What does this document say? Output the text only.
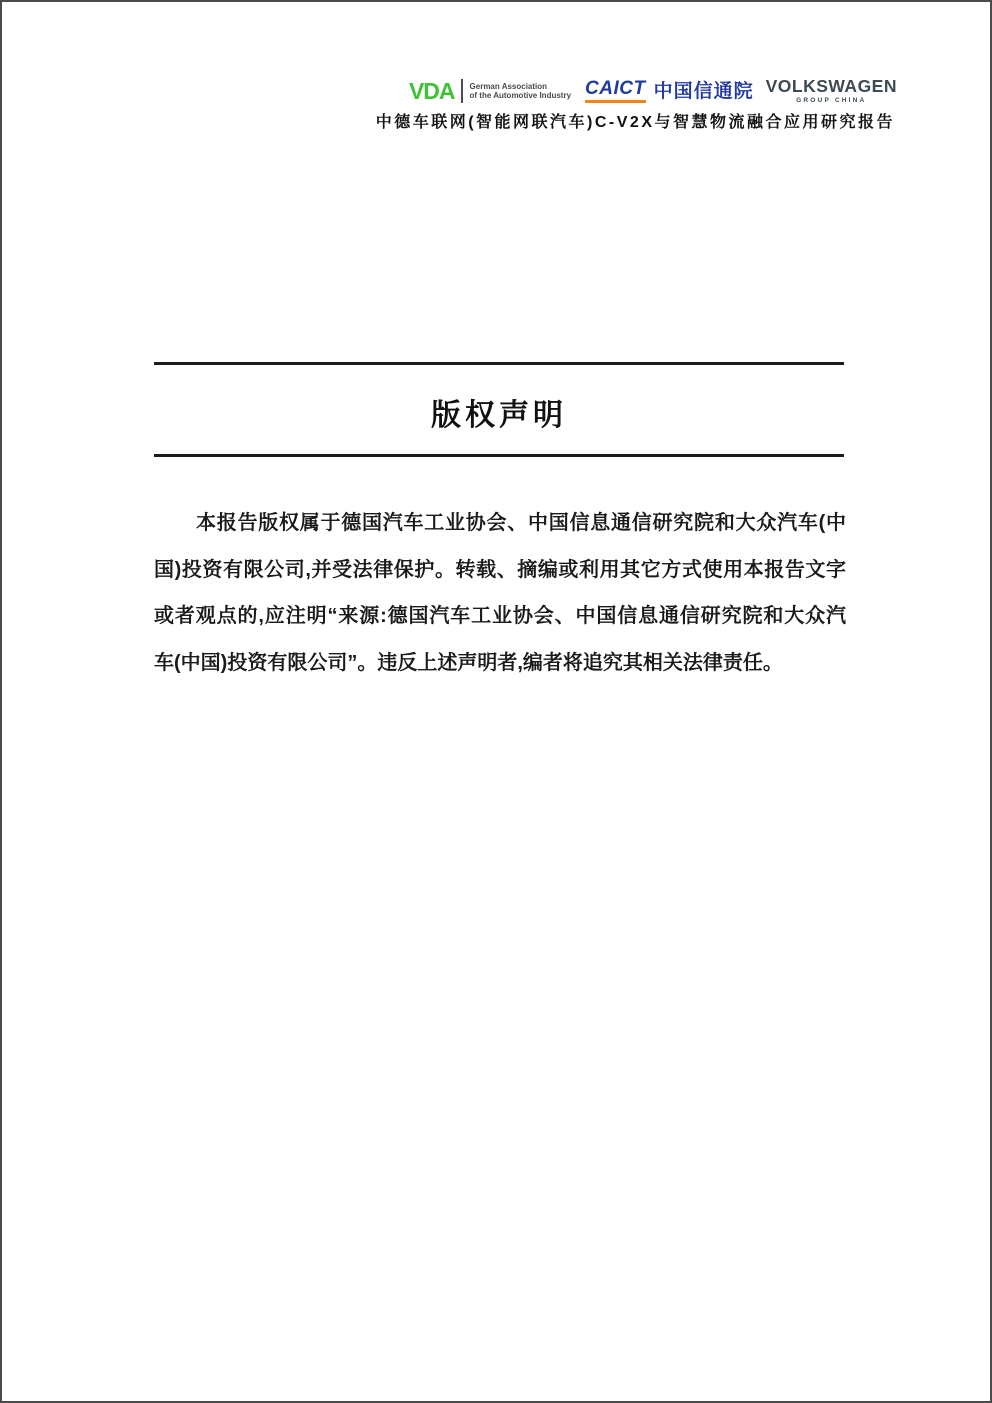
VDA German Association
of the Automotive Industry CAICT 中国信通院 VOLKSWAGEN
GROUP CHINA
中德车联网(智能网联汽车)C-V2X与智慧物流融合应用研究报告
版权声明
本报告版权属于德国汽车工业协会、中国信息通信研究院和大众汽车(中
国)投资有限公司,并受法律保护。转载、摘编或利用其它方式使用本报告文字
或者观点的,应注明“来源:德国汽车工业协会、中国信息通信研究院和大众汽
车(中国)投资有限公司”。违反上述声明者,编者将追究其相关法律责任。
